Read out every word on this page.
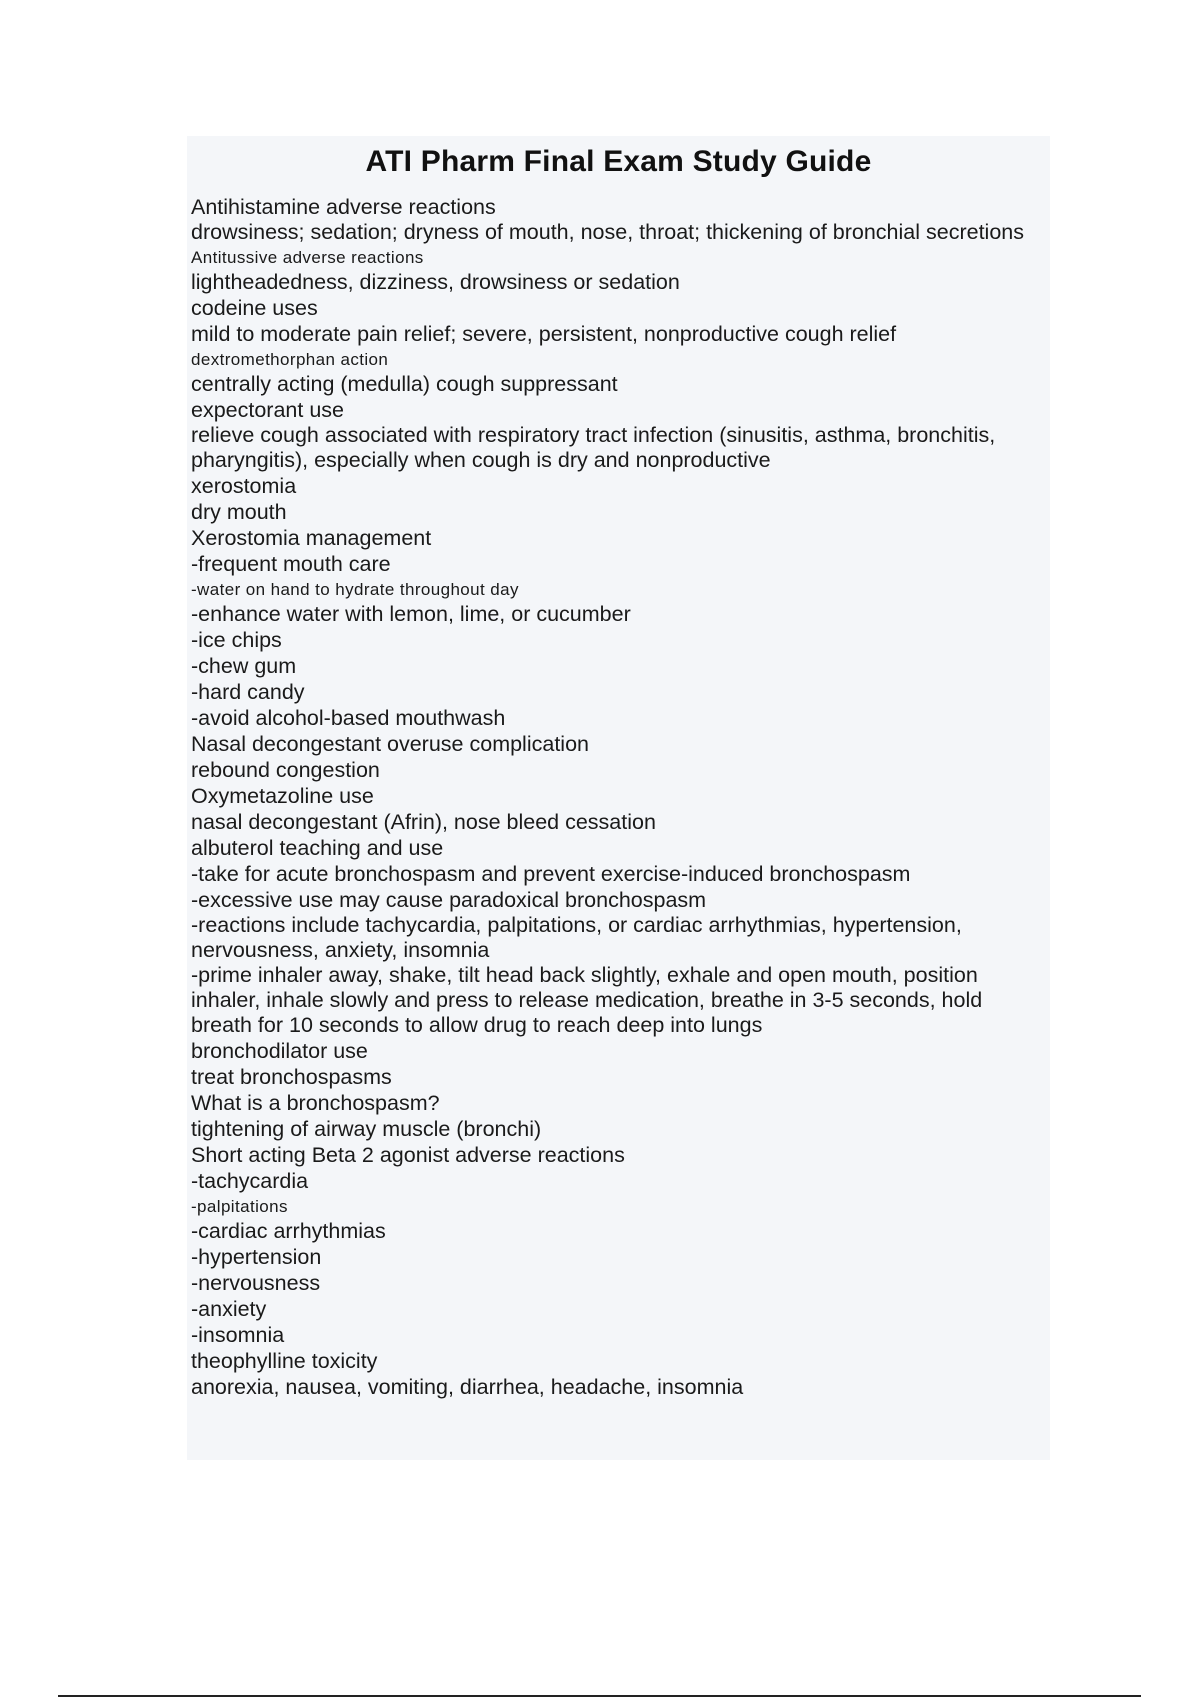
ATI Pharm Final Exam Study Guide
Antihistamine adverse reactions
drowsiness; sedation; dryness of mouth, nose, throat; thickening of bronchial secretions
Antitussive adverse reactions
lightheadedness, dizziness, drowsiness or sedation
codeine uses
mild to moderate pain relief; severe, persistent, nonproductive cough relief
dextromethorphan action
centrally acting (medulla) cough suppressant
expectorant use
relieve cough associated with respiratory tract infection (sinusitis, asthma, bronchitis, pharyngitis), especially when cough is dry and nonproductive
xerostomia
dry mouth
Xerostomia management
-frequent mouth care
-water on hand to hydrate throughout day
-enhance water with lemon, lime, or cucumber
-ice chips
-chew gum
-hard candy
-avoid alcohol-based mouthwash
Nasal decongestant overuse complication
rebound congestion
Oxymetazoline use
nasal decongestant (Afrin), nose bleed cessation
albuterol teaching and use
-take for acute bronchospasm and prevent exercise-induced bronchospasm
-excessive use may cause paradoxical bronchospasm
-reactions include tachycardia, palpitations, or cardiac arrhythmias, hypertension, nervousness, anxiety, insomnia
-prime inhaler away, shake, tilt head back slightly, exhale and open mouth, position inhaler, inhale slowly and press to release medication, breathe in 3-5 seconds, hold breath for 10 seconds to allow drug to reach deep into lungs
bronchodilator use
treat bronchospasms
What is a bronchospasm?
tightening of airway muscle (bronchi)
Short acting Beta 2 agonist adverse reactions
-tachycardia
-palpitations
-cardiac arrhythmias
-hypertension
-nervousness
-anxiety
-insomnia
theophylline toxicity
anorexia, nausea, vomiting, diarrhea, headache, insomnia
